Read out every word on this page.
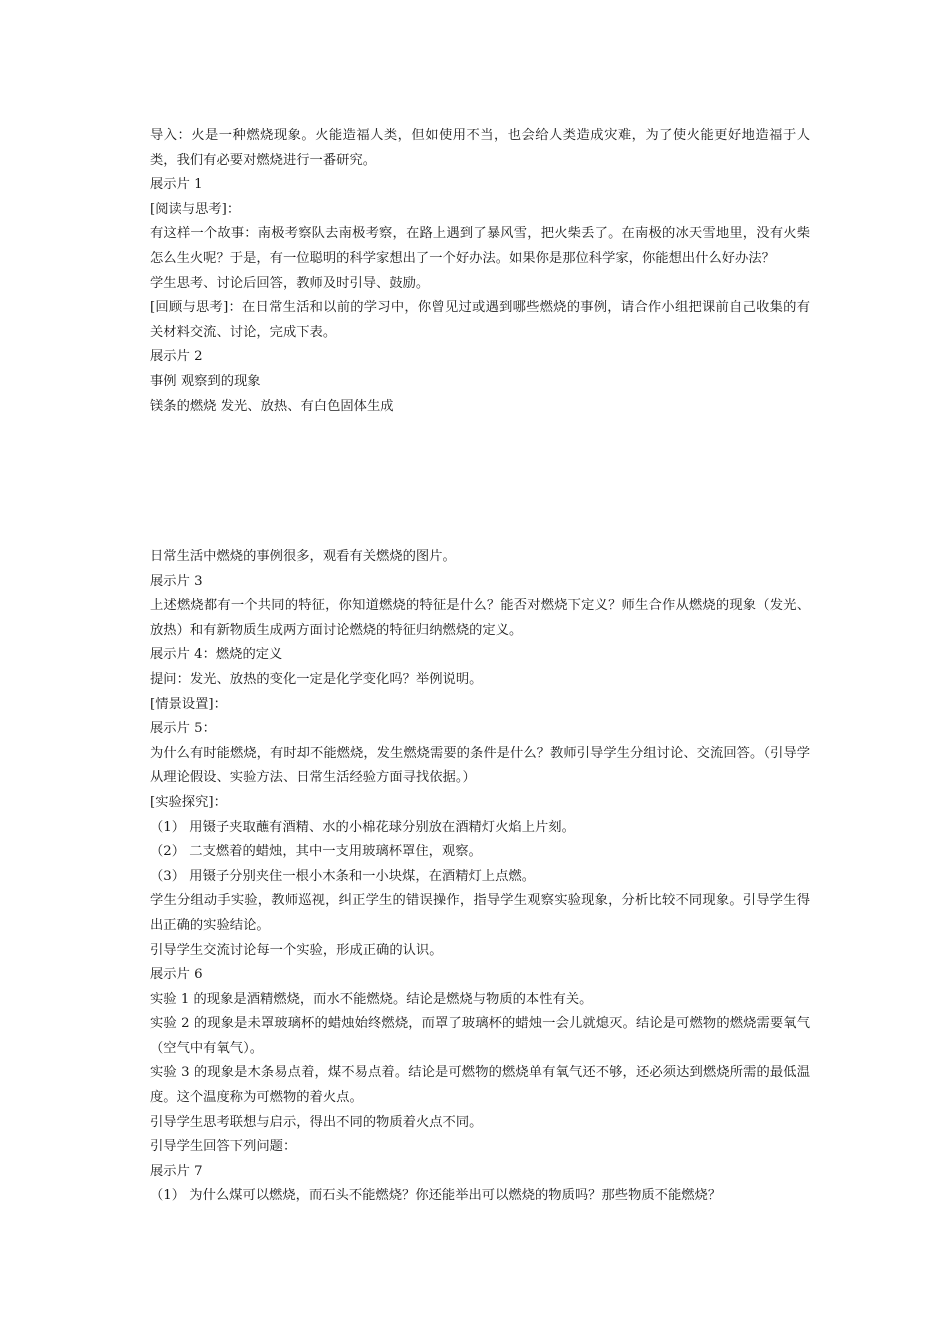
导入：火是一种燃烧现象。火能造福人类，但如使用不当，也会给人类造成灾难，为了使火能更好地造福于人类，我们有必要对燃烧进行一番研究。

展示片 1

[阅读与思考]：

有这样一个故事：南极考察队去南极考察，在路上遇到了暴风雪，把火柴丢了。在南极的冰天雪地里，没有火柴怎么生火呢？于是，有一位聪明的科学家想出了一个好办法。如果你是那位科学家，你能想出什么好办法？

学生思考、讨论后回答，教师及时引导、鼓励。

[回顾与思考]：在日常生活和以前的学习中，你曾见过或遇到哪些燃烧的事例，请合作小组把课前自己收集的有关材料交流、讨论，完成下表。

展示片 2

事例 观察到的现象

镁条的燃烧 发光、放热、有白色固体生成

日常生活中燃烧的事例很多，观看有关燃烧的图片。

展示片 3

上述燃烧都有一个共同的特征，你知道燃烧的特征是什么？能否对燃烧下定义？师生合作从燃烧的现象（发光、放热）和有新物质生成两方面讨论燃烧的特征归纳燃烧的定义。

展示片 4：燃烧的定义

提问：发光、放热的变化一定是化学变化吗？举例说明。

[情景设置]：

展示片 5：

为什么有时能燃烧，有时却不能燃烧，发生燃烧需要的条件是什么？教师引导学生分组讨论、交流回答。（引导学从理论假设、实验方法、日常生活经验方面寻找依据。）

[实验探究]：

（1） 用镊子夹取蘸有酒精、水的小棉花球分别放在酒精灯火焰上片刻。

（2） 二支燃着的蜡烛，其中一支用玻璃杯罩住，观察。

（3） 用镊子分别夹住一根小木条和一小块煤，在酒精灯上点燃。

学生分组动手实验，教师巡视，纠正学生的错误操作，指导学生观察实验现象，分析比较不同现象。引导学生得出正确的实验结论。

引导学生交流讨论每一个实验，形成正确的认识。

展示片 6

实验 1 的现象是酒精燃烧，而水不能燃烧。结论是燃烧与物质的本性有关。

实验 2 的现象是未罩玻璃杯的蜡烛始终燃烧，而罩了玻璃杯的蜡烛一会儿就熄灭。结论是可燃物的燃烧需要氧气（空气中有氧气）。

实验 3 的现象是木条易点着，煤不易点着。结论是可燃物的燃烧单有氧气还不够，还必须达到燃烧所需的最低温度。这个温度称为可燃物的着火点。

引导学生思考联想与启示，得出不同的物质着火点不同。

引导学生回答下列问题：

展示片 7

（1） 为什么煤可以燃烧，而石头不能燃烧？你还能举出可以燃烧的物质吗？那些物质不能燃烧？
